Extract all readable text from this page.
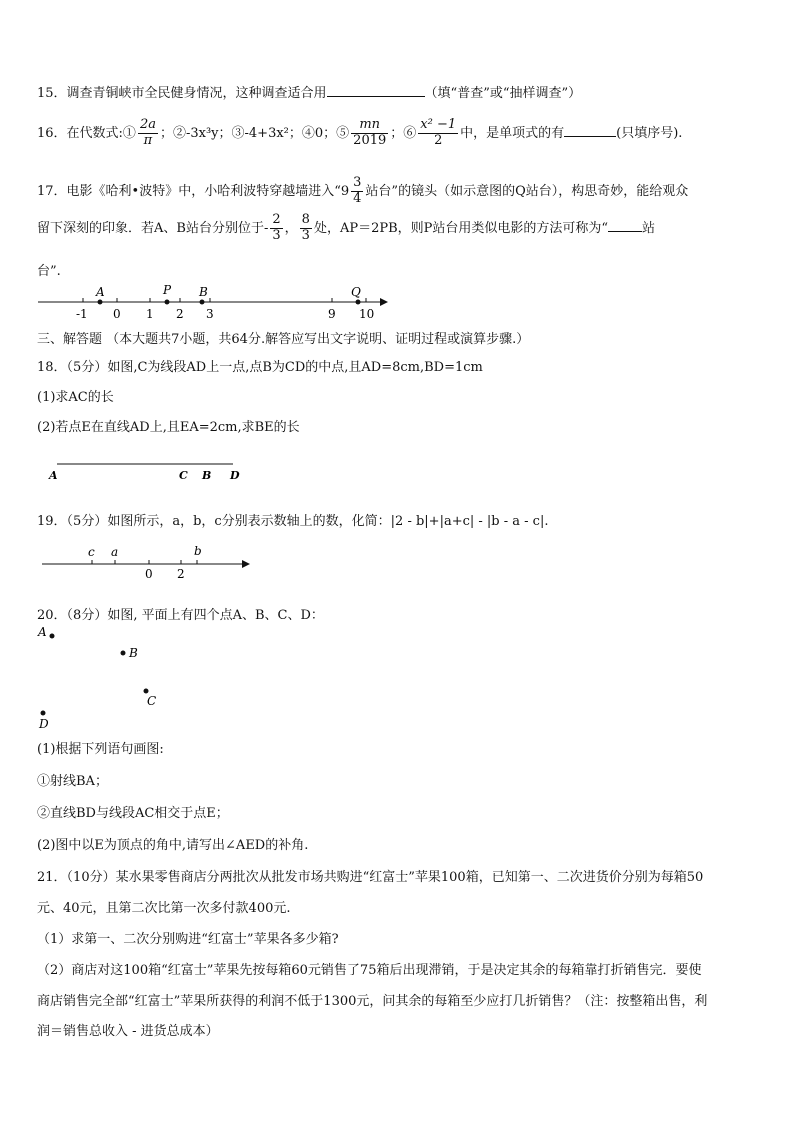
15．调查青铜峡市全民健身情况，这种调查适合用	（填“普查”或“抽样调查”）
16．在代数式:① $\frac{2a}{\pi}$ ；②-3x³y；③-4+3x²；④0；⑤ $\frac{mn}{2019}$ ；⑥ $\frac{\text{x² −1}}{2}$ 中，是单项式的有	(只填序号).
17．电影《哈利•波特》中，小哈利波特穿越墙进入“$9 \frac{3}{4}$ 站台”的镜头（如示意图的Q站台），构思奇妙，能给观众
留下深刻的印象．若A、B站台分别位于- $\frac{2}{3}$ ， $\frac{8}{3}$ 处，AP＝2PB，则P站台用类似电影的方法可称为“	站
台”.
A	P B	Q
-1 0 1 2 3	9 10
三、解答题 （本大题共7小题，共64分.解答应写出文字说明、证明过程或演算步骤.）
18．（5分）如图,C为线段AD上一点,点B为CD的中点,且AD=8cm,BD=1cm
(1)求AC的长
(2)若点E在直线AD上,且EA=2cm,求BE的长
A	C B D
19．（5分）如图所示，a，b，c分别表示数轴上的数，化简：|2 - b|+|a+c| - |b - a - c|.
c a	b
0 2
20．（8分）如图, 平面上有四个点A、B、C、D：
A
B
C
D
(1)根据下列语句画图:
①射线BA；
②直线BD与线段AC相交于点E；
(2)图中以E为顶点的角中,请写出∠AED的补角.
21．（10分）某水果零售商店分两批次从批发市场共购进“红富士”苹果100箱，已知第一、二次进货价分别为每箱50
元、40元，且第二次比第一次多付款400元.
（1）求第一、二次分别购进“红富士”苹果各多少箱?
（2）商店对这100箱“红富士”苹果先按每箱60元销售了75箱后出现滞销，于是决定其余的每箱靠打折销售完．要使
商店销售完全部“红富士”苹果所获得的利润不低于1300元，问其余的每箱至少应打几折销售？（注：按整箱出售，利
润＝销售总收入 - 进货总成本）
